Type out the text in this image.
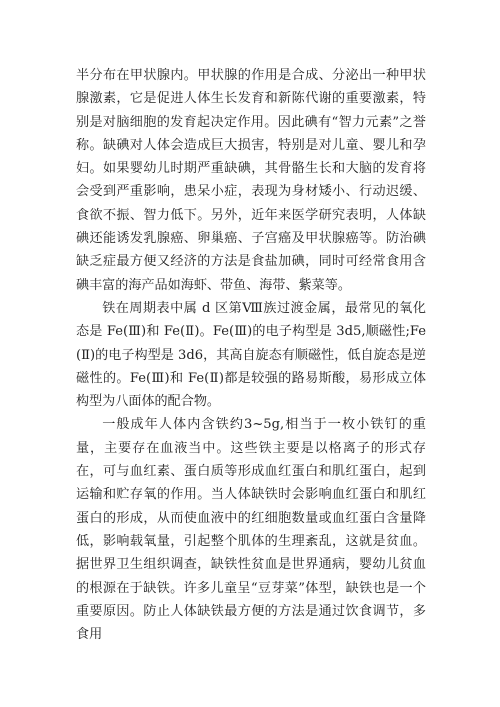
半分布在甲状腺内。甲状腺的作用是合成、分泌出一种甲状腺激素，它是促进人体生长发育和新陈代谢的重要激素，特别是对脑细胞的发育起决定作用。因此碘有“智力元素”之誉称。缺碘对人体会造成巨大损害，特别是对儿童、婴儿和孕妇。如果婴幼儿时期严重缺碘，其骨骼生长和大脑的发育将会受到严重影响，患呆小症，表现为身材矮小、行动迟缓、食欲不振、智力低下。另外，近年来医学研究表明，人体缺碘还能诱发乳腺癌、卵巢癌、子宫癌及甲状腺癌等。防治碘缺乏症最方便又经济的方法是食盐加碘，同时可经常食用含碘丰富的海产品如海虾、带鱼、海带、紫菜等。

铁在周期表中属 d 区第Ⅷ族过渡金属，最常见的氧化态是 Fe(Ⅲ)和 Fe(Ⅱ)。Fe(Ⅲ)的电子构型是 3d5,顺磁性;Fe(Ⅱ)的电子构型是 3d6，其高自旋态有顺磁性，低自旋态是逆磁性的。Fe(Ⅲ)和 Fe(Ⅱ)都是较强的路易斯酸，易形成立体构型为八面体的配合物。

一般成年人体内含铁约3~5g,相当于一枚小铁钉的重量，主要存在血液当中。这些铁主要是以格离子的形式存在，可与血红素、蛋白质等形成血红蛋白和肌红蛋白，起到运输和贮存氧的作用。当人体缺铁时会影响血红蛋白和肌红蛋白的形成，从而使血液中的红细胞数量或血红蛋白含量降低，影响载氧量，引起整个肌体的生理紊乱，这就是贫血。据世界卫生组织调查，缺铁性贫血是世界通病，婴幼儿贫血的根源在于缺铁。许多儿童呈“豆芽菜”体型，缺铁也是一个重要原因。防止人体缺铁最方便的方法是通过饮食调节，多食用
